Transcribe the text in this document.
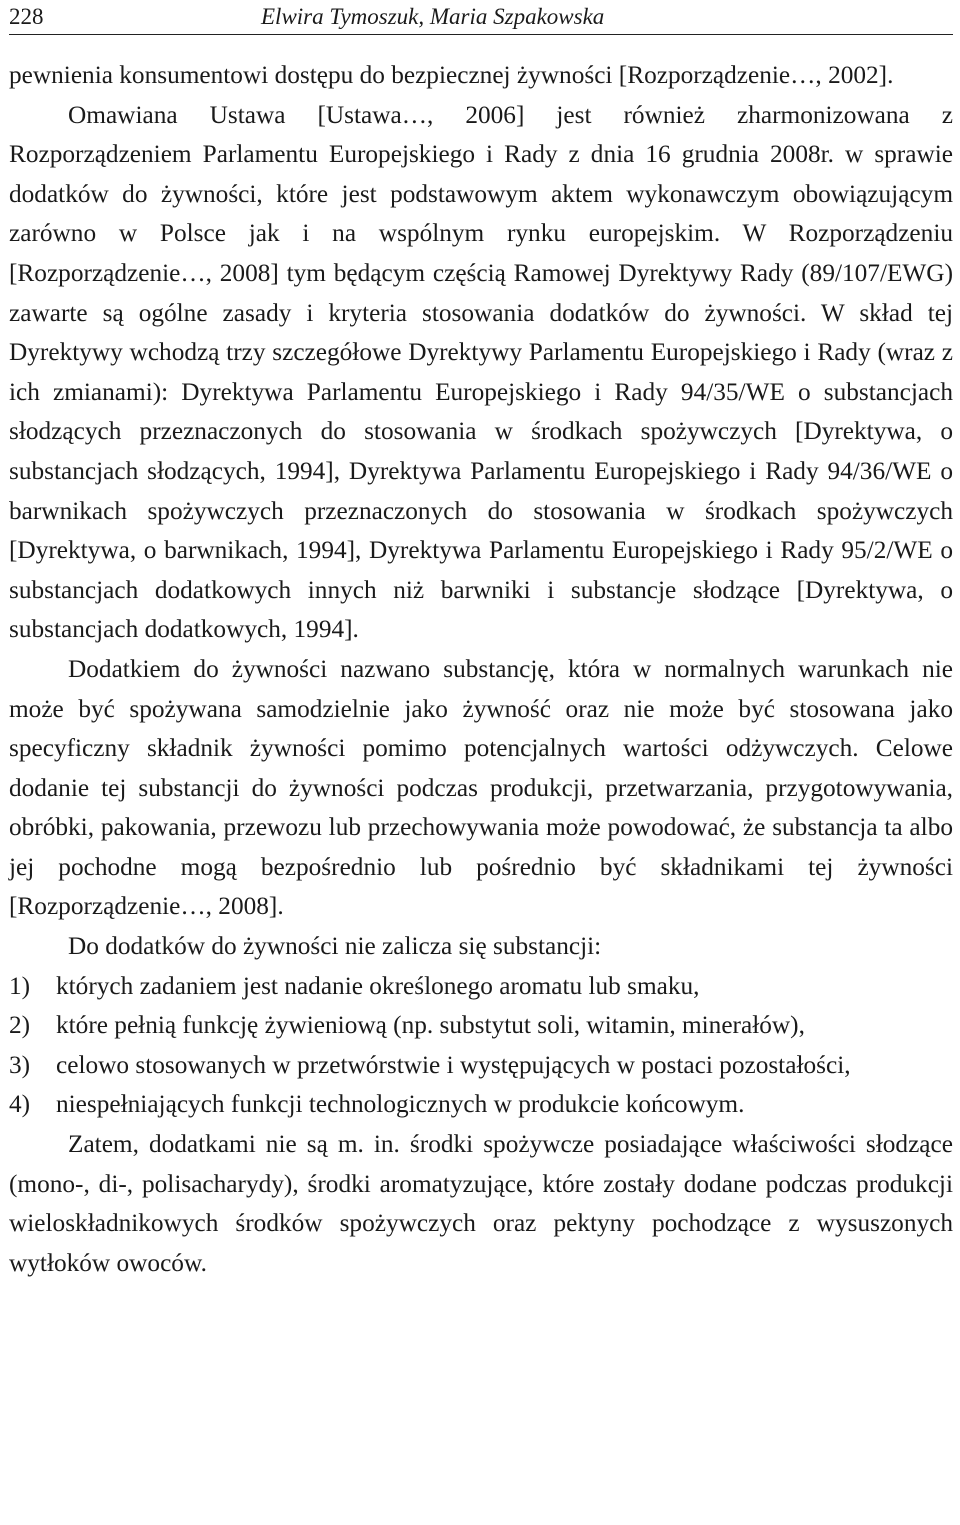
228	Elwira Tymoszuk, Maria Szpakowska

pewnienia konsumentowi dostępu do bezpiecznej żywności [Rozporządzenie…, 2002].

Omawiana Ustawa [Ustawa…, 2006] jest również zharmonizowana z Rozporządzeniem Parlamentu Europejskiego i Rady z dnia 16 grudnia 2008r. w sprawie dodatków do żywności, które jest podstawowym aktem wykonawczym obowiązującym zarówno w Polsce jak i na wspólnym rynku europejskim. W Rozporządzeniu [Rozporządzenie…, 2008] tym będącym częścią Ramowej Dyrektywy Rady (89/107/EWG) zawarte są ogólne zasady i kryteria stosowania dodatków do żywności. W skład tej Dyrektywy wchodzą trzy szczegółowe Dyrektywy Parlamentu Europejskiego i Rady (wraz z ich zmianami): Dyrektywa Parlamentu Europejskiego i Rady 94/35/WE o substancjach słodzących przeznaczonych do stosowania w środkach spożywczych [Dyrektywa, o substancjach słodzących, 1994], Dyrektywa Parlamentu Europejskiego i Rady 94/36/WE o barwnikach spożywczych przeznaczonych do stosowania w środkach spożywczych [Dyrektywa, o barwnikach, 1994], Dyrektywa Parlamentu Europejskiego i Rady 95/2/WE o substancjach dodatkowych innych niż barwniki i substancje słodzące [Dyrektywa, o substancjach dodatkowych, 1994].

Dodatkiem do żywności nazwano substancję, która w normalnych warunkach nie może być spożywana samodzielnie jako żywność oraz nie może być stosowana jako specyficzny składnik żywności pomimo potencjalnych wartości odżywczych. Celowe dodanie tej substancji do żywności podczas produkcji, przetwarzania, przygotowywania, obróbki, pakowania, przewozu lub przechowywania może powodować, że substancja ta albo jej pochodne mogą bezpośrednio lub pośrednio być składnikami tej żywności [Rozporządzenie…, 2008].

Do dodatków do żywności nie zalicza się substancji:

1) których zadaniem jest nadanie określonego aromatu lub smaku,
2) które pełnią funkcję żywieniową (np. substytut soli, witamin, minerałów),
3) celowo stosowanych w przetwórstwie i występujących w postaci pozostałości,
4) niespełniających funkcji technologicznych w produkcie końcowym.

Zatem, dodatkami nie są m. in. środki spożywcze posiadające właściwości słodzące (mono-, di-, polisacharydy), środki aromatyzujące, które zostały dodane podczas produkcji wieloskładnikowych środków spożywczych oraz pektyny pochodzące z wysuszonych wytłoków owoców.
